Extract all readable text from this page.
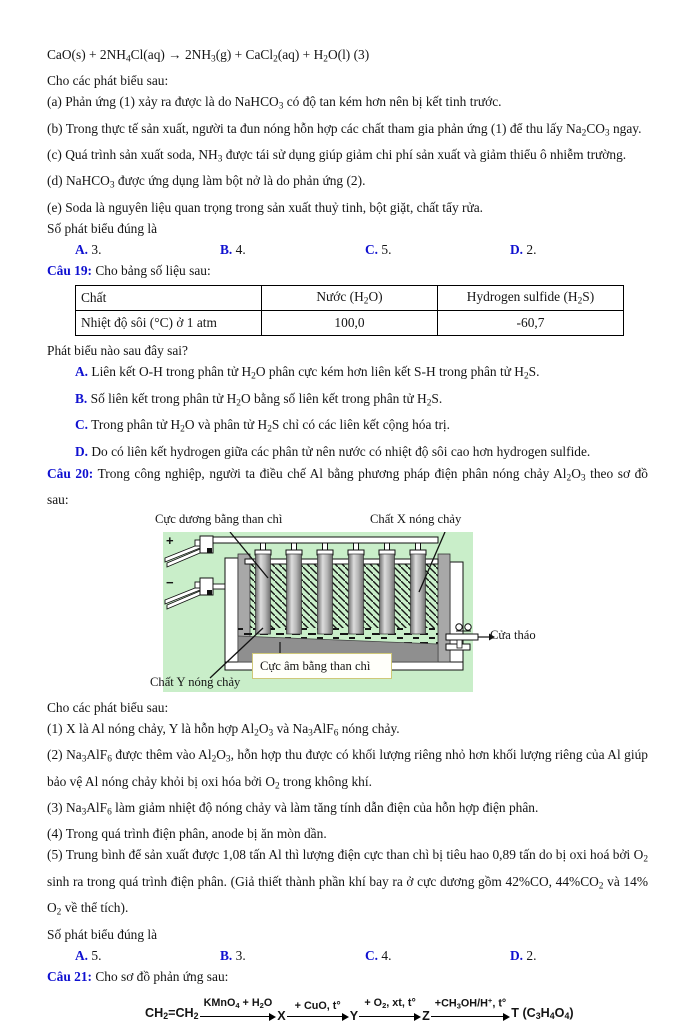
$CaO(s) + 2NH_4Cl(aq) \to 2NH_3(g)$ + CaCl$_2$(aq) + $H_2O(l)$ (3)

Cho các phát biểu sau:

(a) Phản ứng (1) xảy ra được là do NaHCO$_3$ có độ tan kém hơn nên bị kết tinh trước.

(b) Trong thực tế sản xuất, người ta đun nóng hỗn hợp các chất tham gia phản ứng (1) để thu lấy $Na_2CO_3$ ngay.

(c) Quá trình sản xuất soda, $NH_3$ được tái sử dụng giúp giảm chi phí sản xuất và giảm thiểu ô nhiễm trường.

(d) NaHCO$_3$ được ứng dụng làm bột nở là do phản ứng (2).

(e) Soda là nguyên liệu quan trọng trong sản xuất thuỷ tinh, bột giặt, chất tẩy rửa.

Số phát biểu đúng là

A. 3.	B. 4.	C. 5.	D. 2.

Câu 19: Cho bảng số liệu sau:

Chất	Nước $(H_2O)$	Hydrogen sulfide $(H_2S)$
Nhiệt độ sôi (°C) ở 1 atm	100,0	-60,7

Phát biểu nào sau đây sai?

A. Liên kết O-H trong phân tử $H_2O$ phân cực kém hơn liên kết S-H trong phân tử $H_2S$.

B. Số liên kết trong phân tử $H_2O$ bằng số liên kết trong phân tử $H_2S$.

C. Trong phân tử $H_2O$ và phân tử $H_2S$ chỉ có các liên kết cộng hóa trị.

D. Do có liên kết hydrogen giữa các phân tử nên nước có nhiệt độ sôi cao hơn hydrogen sulfide.

Câu 20: Trong công nghiệp, người ta điều chế Al bằng phương pháp điện phân nóng chảy $Al_2O_3$ theo sơ đồ sau:

Cực dương bằng than chì	Chất X nóng chảy
+
−
Cửa tháo
Cực âm bằng than chì
Chất Y nóng chảy

Cho các phát biểu sau:

(1) X là Al nóng chảy, Y là hỗn hợp $Al_2O_3$ và $Na_3AlF_6$ nóng chảy.

(2) $Na_3AlF_6$ được thêm vào $Al_2O_3$, hỗn hợp thu được có khối lượng riêng nhỏ hơn khối lượng riêng của Al giúp bảo vệ Al nóng chảy khỏi bị oxi hóa bởi $O_2$ trong không khí.

(3) $Na_3AlF_6$ làm giảm nhiệt độ nóng chảy và làm tăng tính dẫn điện của hỗn hợp điện phân.

(4) Trong quá trình điện phân, anode bị ăn mòn dần.

(5) Trung bình để sản xuất được 1,08 tấn Al thì lượng điện cực than chì bị tiêu hao 0,89 tấn do bị oxi hoá bởi $O_2$ sinh ra trong quá trình điện phân. (Giả thiết thành phần khí bay ra ở cực dương gồm 42%CO, $44\%CO_2$ và 14% $O_2$ về thể tích).

Số phát biểu đúng là

A. 5.	B. 3.	C. 4.	D. 2.

Câu 21: Cho sơ đồ phản ứng sau:

$CH_2=CH_2$
KMnO$_4$ + $H_2O$
X
+ CuO, t°
Y
+ $O_2$, xt, t°
Z
$+CH_3OH/H^+$, t°
T $(C_3H_4O_4)$
